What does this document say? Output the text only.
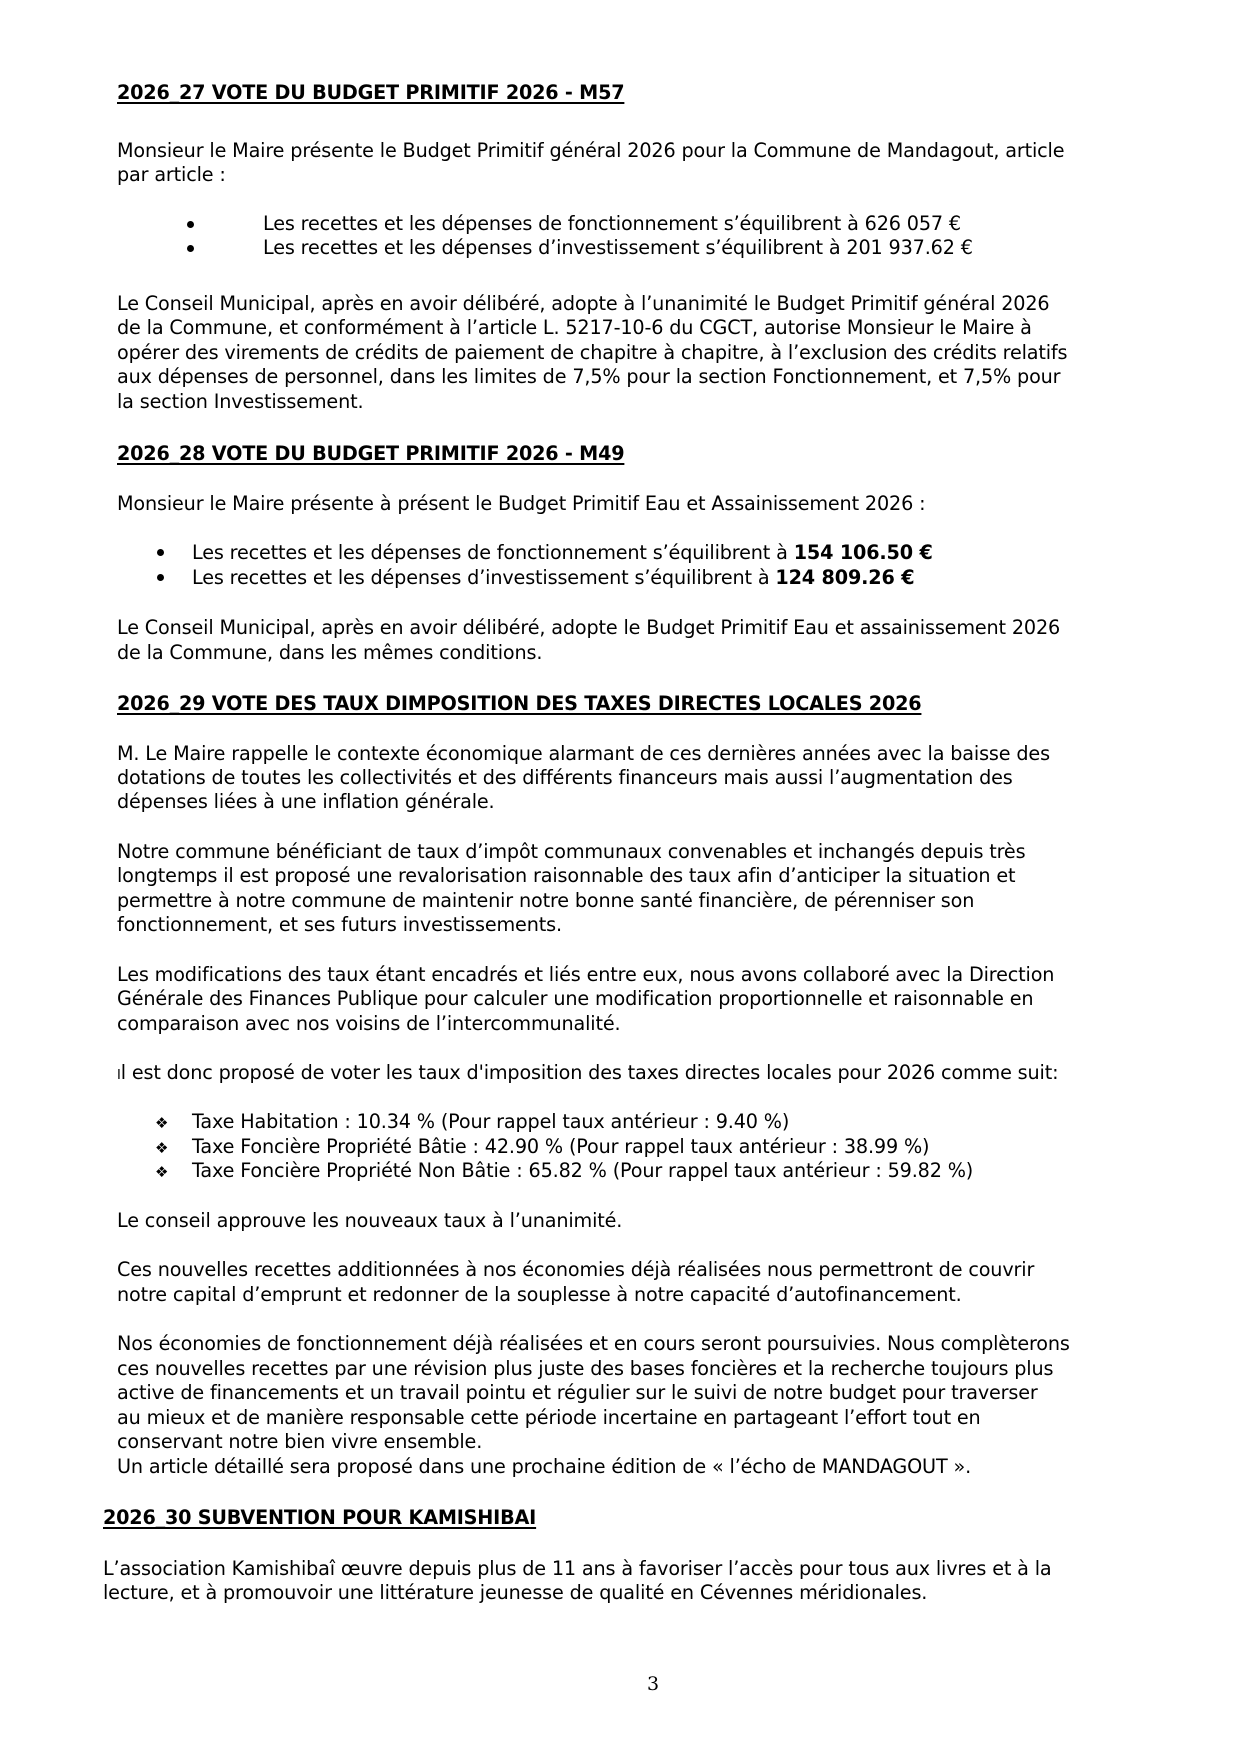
2026_27 VOTE DU BUDGET PRIMITIF 2026 - M57
Monsieur le Maire présente le Budget Primitif général 2026 pour la Commune de Mandagout, article
par article :
Les recettes et les dépenses de fonctionnement s’équilibrent à 626 057 €
Les recettes et les dépenses d’investissement s’équilibrent à 201 937.62 €
Le Conseil Municipal, après en avoir délibéré, adopte à l’unanimité le Budget Primitif général 2026
de la Commune, et conformément à l’article L. 5217-10-6 du CGCT, autorise Monsieur le Maire à
opérer des virements de crédits de paiement de chapitre à chapitre, à l’exclusion des crédits relatifs
aux dépenses de personnel, dans les limites de 7,5% pour la section Fonctionnement, et 7,5% pour
la section Investissement.
2026_28 VOTE DU BUDGET PRIMITIF 2026 - M49
Monsieur le Maire présente à présent le Budget Primitif Eau et Assainissement 2026 :
Les recettes et les dépenses de fonctionnement s’équilibrent à 154 106.50 €
Les recettes et les dépenses d’investissement s’équilibrent à 124 809.26 €
Le Conseil Municipal, après en avoir délibéré, adopte le Budget Primitif Eau et assainissement 2026
de la Commune, dans les mêmes conditions.
2026_29 VOTE DES TAUX DIMPOSITION DES TAXES DIRECTES LOCALES 2026
M. Le Maire rappelle le contexte économique alarmant de ces dernières années avec la baisse des
dotations de toutes les collectivités et des différents financeurs mais aussi l’augmentation des
dépenses liées à une inflation générale.
Notre commune bénéficiant de taux d’impôt communaux convenables et inchangés depuis très
longtemps il est proposé une revalorisation raisonnable des taux afin d’anticiper la situation et
permettre à notre commune de maintenir notre bonne santé financière, de pérenniser son
fonctionnement, et ses futurs investissements.
Les modifications des taux étant encadrés et liés entre eux, nous avons collaboré avec la Direction
Générale des Finances Publique pour calculer une modification proportionnelle et raisonnable en
comparaison avec nos voisins de l’intercommunalité.
Il est donc proposé de voter les taux d'imposition des taxes directes locales pour 2026 comme suit:
❖ Taxe Habitation : 10.34 % (Pour rappel taux antérieur : 9.40 %)
❖ Taxe Foncière Propriété Bâtie : 42.90 % (Pour rappel taux antérieur : 38.99 %)
❖ Taxe Foncière Propriété Non Bâtie : 65.82 % (Pour rappel taux antérieur : 59.82 %)
Le conseil approuve les nouveaux taux à l’unanimité.
Ces nouvelles recettes additionnées à nos économies déjà réalisées nous permettront de couvrir
notre capital d’emprunt et redonner de la souplesse à notre capacité d’autofinancement.
Nos économies de fonctionnement déjà réalisées et en cours seront poursuivies. Nous complèterons
ces nouvelles recettes par une révision plus juste des bases foncières et la recherche toujours plus
active de financements et un travail pointu et régulier sur le suivi de notre budget pour traverser
au mieux et de manière responsable cette période incertaine en partageant l’effort tout en
conservant notre bien vivre ensemble.
Un article détaillé sera proposé dans une prochaine édition de « l’écho de MANDAGOUT ».
2026_30 SUBVENTION POUR KAMISHIBAI
L’association Kamishibaî œuvre depuis plus de 11 ans à favoriser l’accès pour tous aux livres et à la
lecture, et à promouvoir une littérature jeunesse de qualité en Cévennes méridionales.
3
